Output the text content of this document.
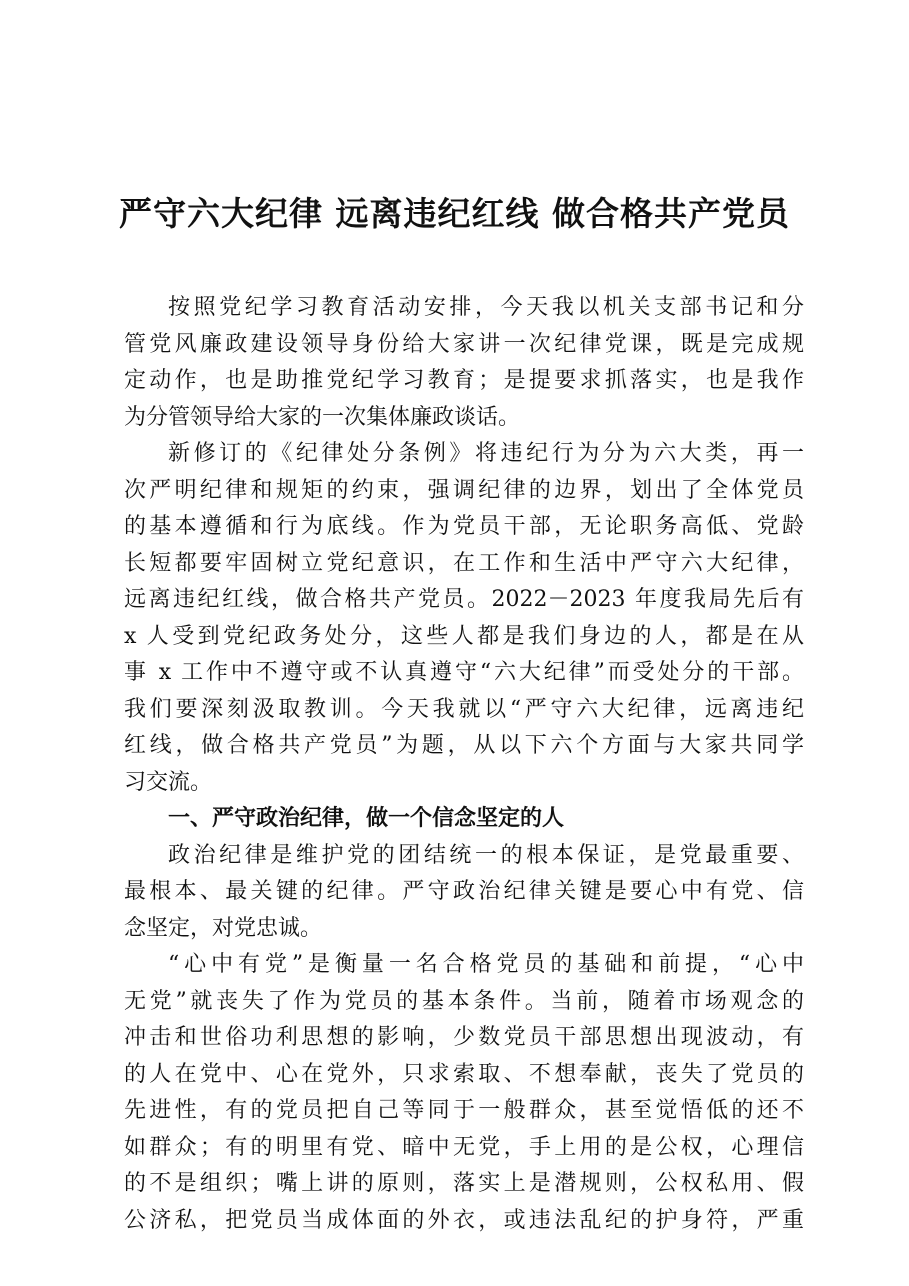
严守六大纪律 远离违纪红线 做合格共产党员
按照党纪学习教育活动安排，今天我以机关支部书记和分
管党风廉政建设领导身份给大家讲一次纪律党课，既是完成规
定动作，也是助推党纪学习教育；是提要求抓落实，也是我作
为分管领导给大家的一次集体廉政谈话。
新修订的《纪律处分条例》将违纪行为分为六大类，再一
次严明纪律和规矩的约束，强调纪律的边界，划出了全体党员
的基本遵循和行为底线。作为党员干部，无论职务高低、党龄
长短都要牢固树立党纪意识，在工作和生活中严守六大纪律，
远离违纪红线，做合格共产党员。2022－2023 年度我局先后有
x 人受到党纪政务处分，这些人都是我们身边的人，都是在从
事 x 工作中不遵守或不认真遵守“六大纪律”而受处分的干部。
我们要深刻汲取教训。今天我就以“严守六大纪律，远离违纪
红线，做合格共产党员”为题，从以下六个方面与大家共同学
习交流。
一、严守政治纪律，做一个信念坚定的人
政治纪律是维护党的团结统一的根本保证，是党最重要、
最根本、最关键的纪律。严守政治纪律关键是要心中有党、信
念坚定，对党忠诚。
“心中有党”是衡量一名合格党员的基础和前提，“心中
无党”就丧失了作为党员的基本条件。当前，随着市场观念的
冲击和世俗功利思想的影响，少数党员干部思想出现波动，有
的人在党中、心在党外，只求索取、不想奉献，丧失了党员的
先进性，有的党员把自己等同于一般群众，甚至觉悟低的还不
如群众；有的明里有党、暗中无党，手上用的是公权，心理信
的不是组织；嘴上讲的原则，落实上是潜规则，公权私用、假
公济私，把党员当成体面的外衣，或违法乱纪的护身符，严重
